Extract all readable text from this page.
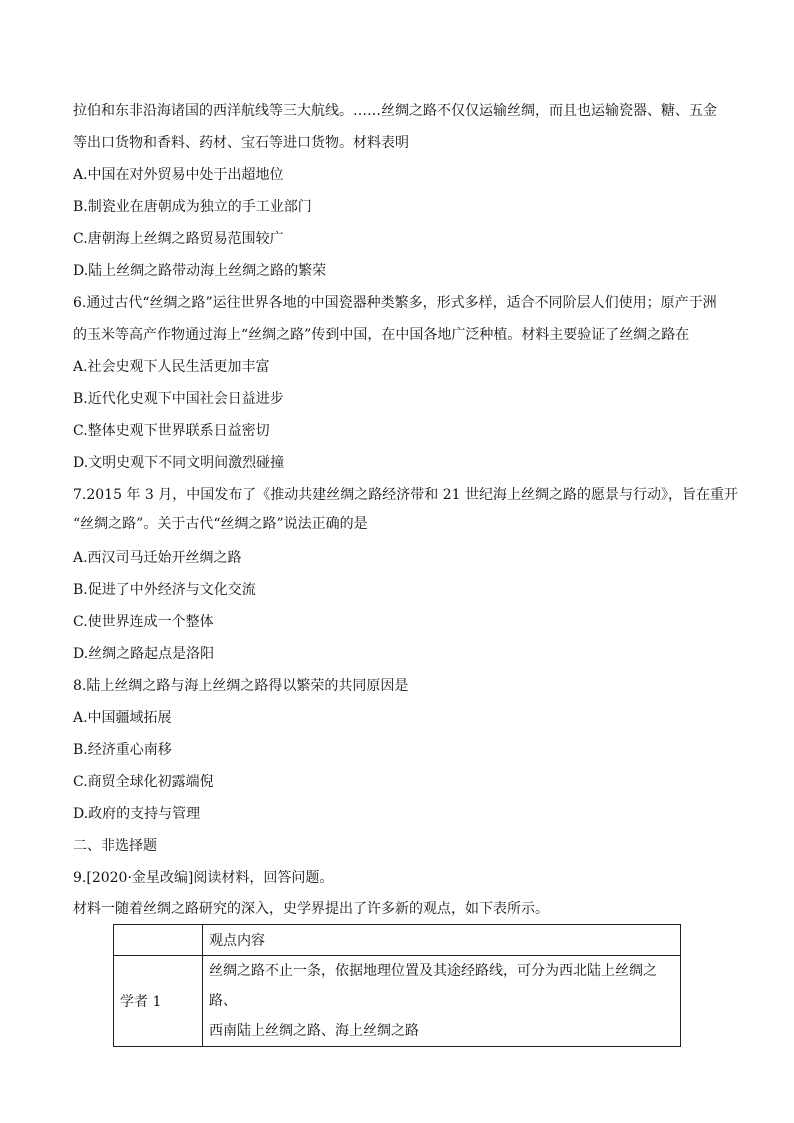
拉伯和东非沿海诸国的西洋航线等三大航线。……丝绸之路不仅仅运输丝绸，而且也运输瓷器、糖、五金
等出口货物和香料、药材、宝石等进口货物。材料表明
A.中国在对外贸易中处于出超地位
B.制瓷业在唐朝成为独立的手工业部门
C.唐朝海上丝绸之路贸易范围较广
D.陆上丝绸之路带动海上丝绸之路的繁荣
6.通过古代“丝绸之路”运往世界各地的中国瓷器种类繁多，形式多样，适合不同阶层人们使用；原产于洲
的玉米等高产作物通过海上“丝绸之路”传到中国，在中国各地广泛种植。材料主要验证了丝绸之路在
A.社会史观下人民生活更加丰富
B.近代化史观下中国社会日益进步
C.整体史观下世界联系日益密切
D.文明史观下不同文明间激烈碰撞
7.2015 年 3 月，中国发布了《推动共建丝绸之路经济带和 21 世纪海上丝绸之路的愿景与行动》，旨在重开
“丝绸之路”。关于古代“丝绸之路”说法正确的是
A.西汉司马迁始开丝绸之路
B.促进了中外经济与文化交流
C.使世界连成一个整体
D.丝绸之路起点是洛阳
8.陆上丝绸之路与海上丝绸之路得以繁荣的共同原因是
A.中国疆域拓展
B.经济重心南移
C.商贸全球化初露端倪
D.政府的支持与管理
二、非选择题
9.[2020·金星改编]阅读材料，回答问题。
材料一随着丝绸之路研究的深入，史学界提出了许多新的观点，如下表所示。
	观点内容
学者 1	丝绸之路不止一条，依据地理位置及其途经路线，可分为西北陆上丝绸之路、
西南陆上丝绸之路、海上丝绸之路
